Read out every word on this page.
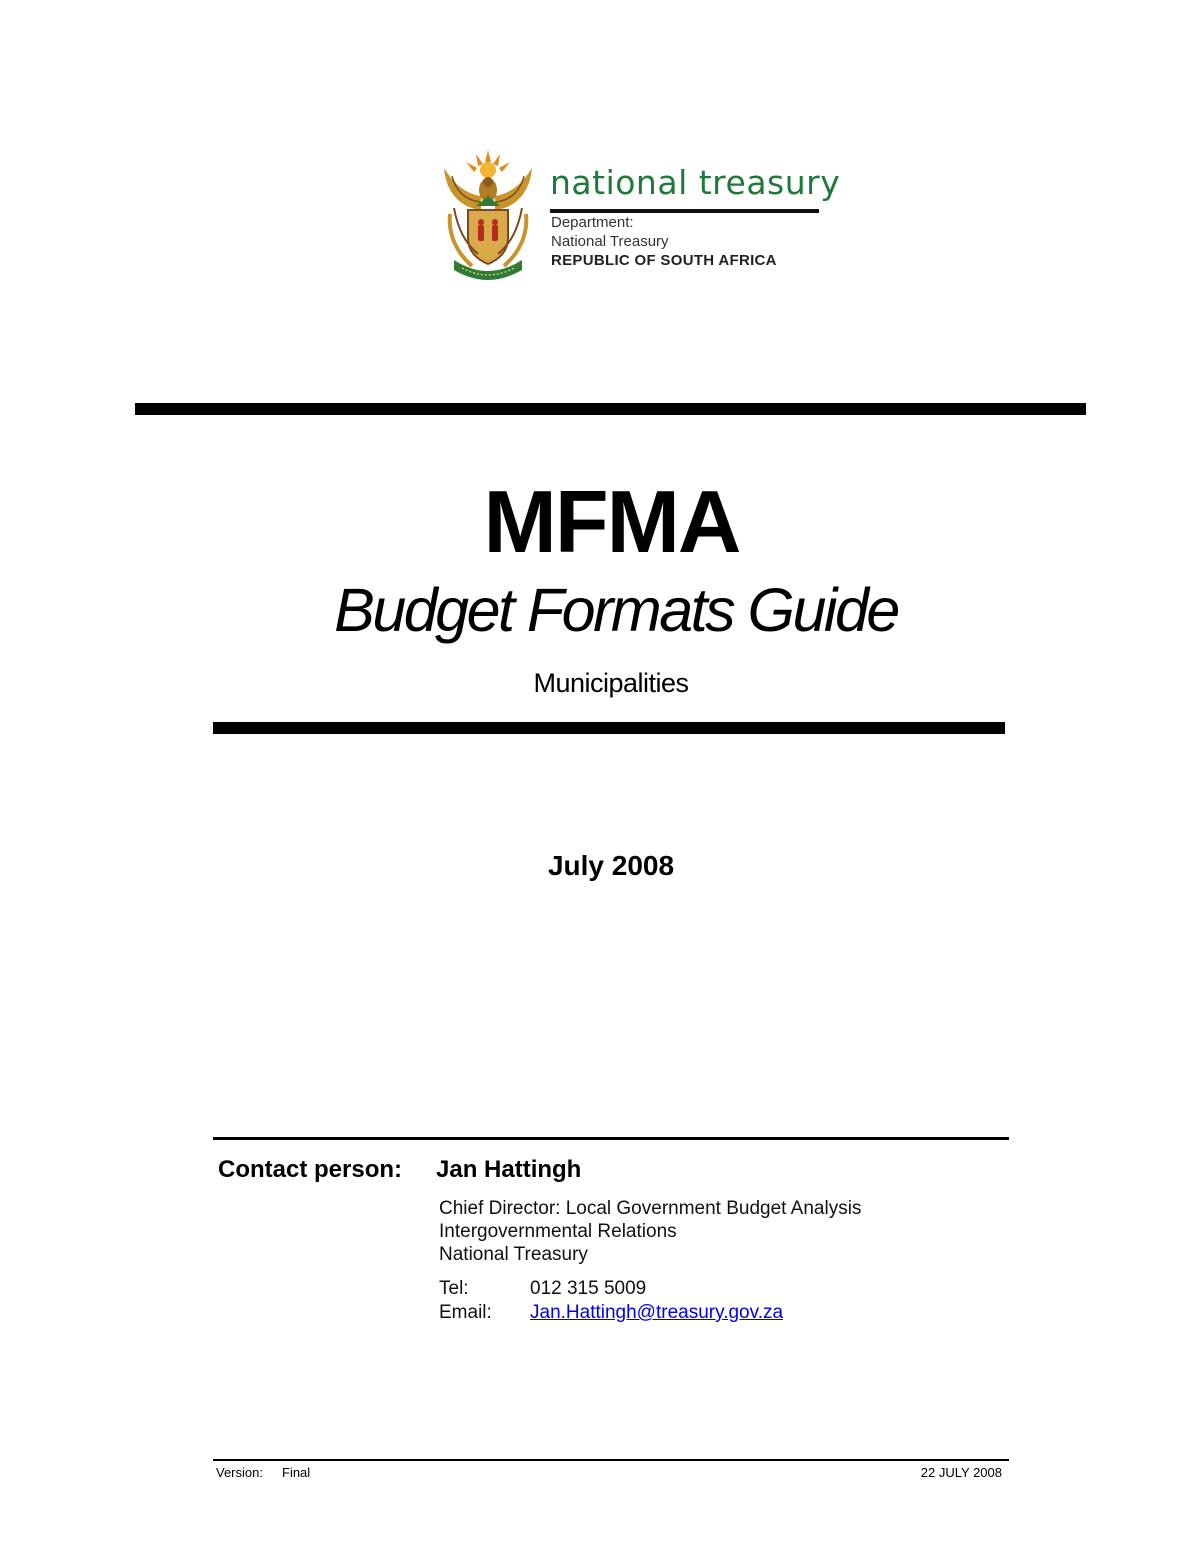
national treasury
Department:
National Treasury
REPUBLIC OF SOUTH AFRICA
MFMA
Budget Formats Guide
Municipalities
July 2008
Contact person: Jan Hattingh
Chief Director: Local Government Budget Analysis
Intergovernmental Relations
National Treasury
Tel:	012 315 5009
Email: Jan.Hattingh@treasury.gov.za
Version: Final	22 JULY 2008
